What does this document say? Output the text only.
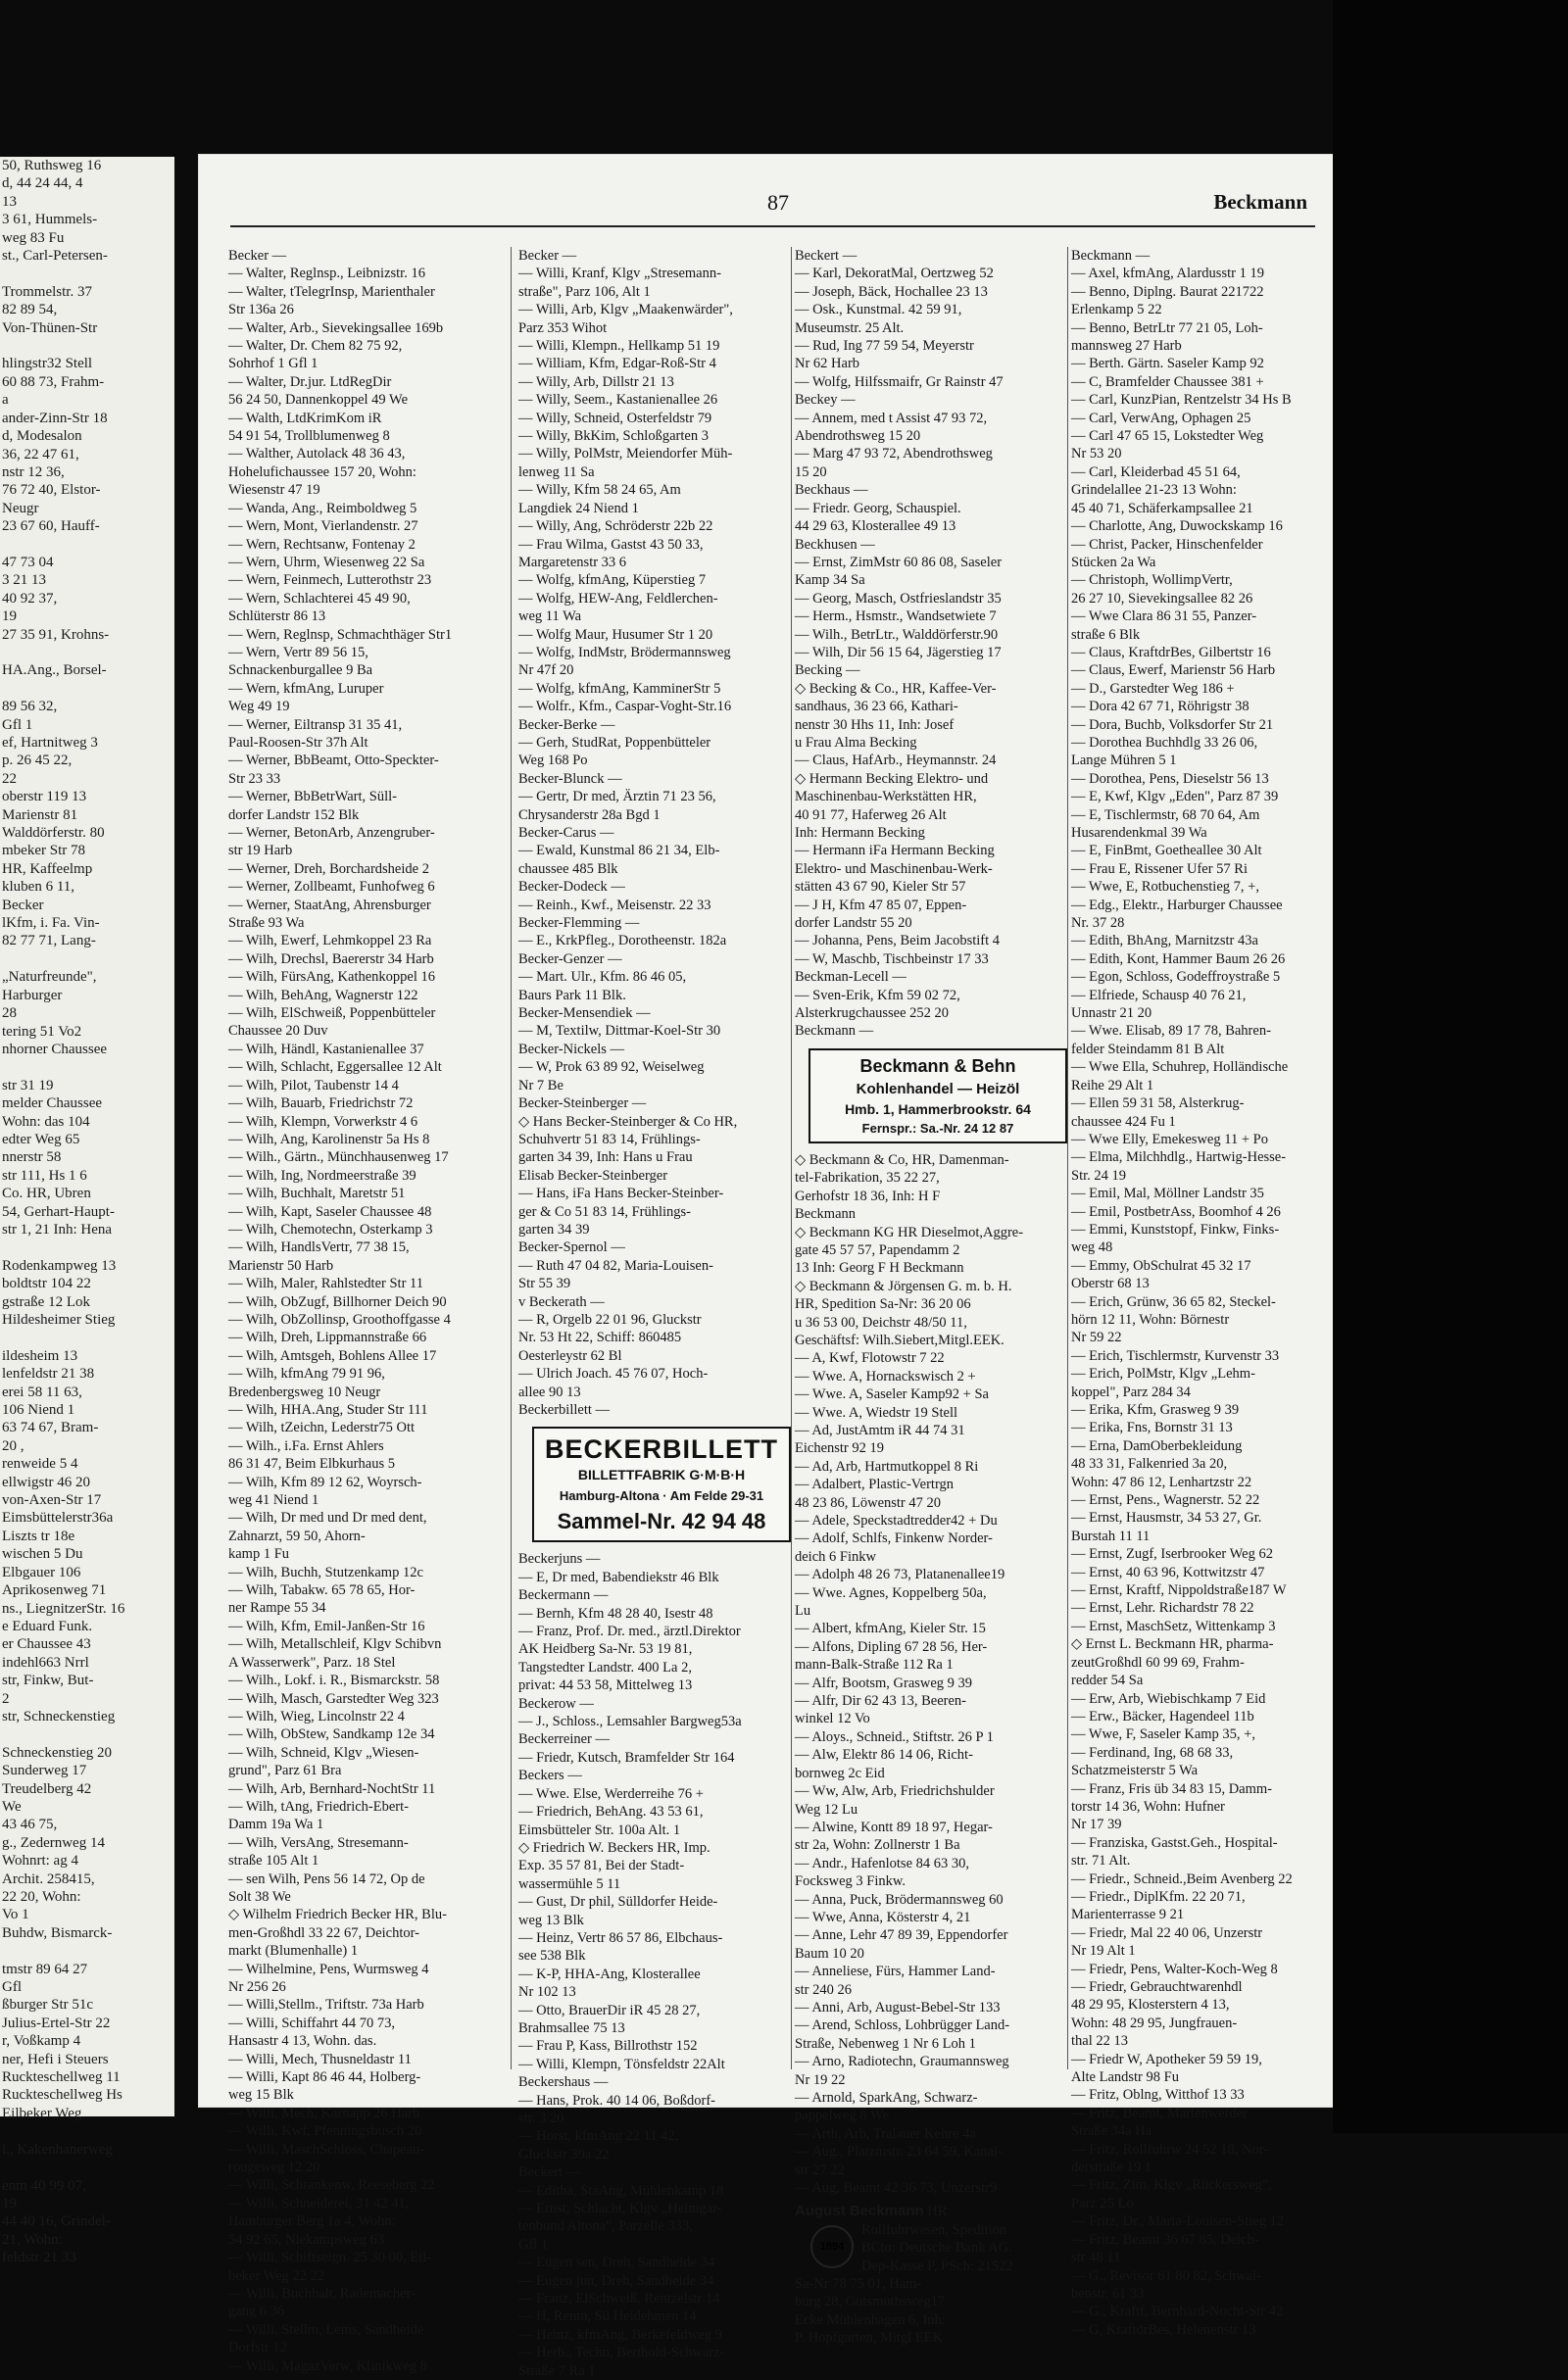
50, Ruthsweg 16
d, 44 24 44, 4
13
3 61, Hummels-
weg 83 Fu
st., Carl-Petersen-

Trommelstr. 37
82 89 54,
Von-Thünen-Str

hlingstr32 Stell
60 88 73, Frahm-
a
ander-Zinn-Str 18
d, Modesalon
36, 22 47 61,
nstr 12 36,
76 72 40, Elstor-
Neugr
23 67 60, Hauff-

47 73 04
3 21 13
40 92 37,
19
27 35 91, Krohns-

HA.Ang., Borsel-

89 56 32,
Gfl 1
ef, Hartnitweg 3
p. 26 45 22,
22
oberstr 119 13
Marienstr 81
Walddörferstr. 80
mbeker Str 78
HR, Kaffeelmp
kluben 6 11,
Becker
lKfm, i. Fa. Vin-
82 77 71, Lang-

„Naturfreunde",
Harburger
28
tering 51 Vo2
nhorner Chaussee

str 31 19
melder Chaussee
Wohn: das 104
edter Weg 65
nnerstr 58
str 111, Hs 1 6
Co. HR, Ubren
54, Gerhart-Haupt-
str 1, 21 Inh: Hena

Rodenkampweg 13
boldtstr 104 22
gstraße 12 Lok
Hildesheimer Stieg

ildesheim 13
lenfeldstr 21 38
erei 58 11 63,
106 Niend 1
63 74 67, Bram-
20 ,
renweide 5 4
ellwigstr 46 20
von-Axen-Str 17
Eimsbüttelerstr36a
Liszts tr 18e
wischen 5 Du
Elbgauer 106
Aprikosenweg 71
ns., LiegnitzerStr. 16
e Eduard Funk.
er Chaussee 43
indehl663 Nrrl
str, Finkw, But-
2
str, Schneckenstieg

Schneckenstieg 20
Sunderweg 17
Treudelberg 42
We
43 46 75,
g., Zedernweg 14
Wohnrt: ag 4
Archit. 258415,
22 20, Wohn:
Vo 1
Buhdw, Bismarck-

tmstr 89 64 27
Gfl
ßburger Str 51c
Julius-Ertel-Str 22
r, Voßkamp 4
ner, Hefi i Steuers
Ruckteschellweg 11
Ruckteschellweg Hs
Eilbeker Weg

l., Kakenhanerweg

enm 40 99 07,
19
44 40 16, Grindel-
21, Wohn:
feldstr 21 33
87	Beckmann
Becker —
— Walter, Reglnsp., Leibnizstr. 16
— Walter, tTelegrInsp, Marienthaler
Str 136a 26
— Walter, Arb., Sievekingsallee 169b
— Walter, Dr. Chem 82 75 92,
Sohrhof 1 Gfl 1
— Walter, Dr.jur. LtdRegDir
56 24 50, Dannenkoppel 49 We
— Walth, LtdKrimKom iR
54 91 54, Trollblumenweg 8
— Walther, Autolack 48 36 43,
Hohelufichaussee 157 20, Wohn:
Wiesenstr 47 19
— Wanda, Ang., Reimboldweg 5
— Wern, Mont, Vierlandenstr. 27
— Wern, Rechtsanw, Fontenay 2
— Wern, Uhrm, Wiesenweg 22 Sa
— Wern, Feinmech, Lutterothstr 23
— Wern, Schlachterei 45 49 90,
Schlüterstr 86 13
— Wern, Reglnsp, Schmachthäger Str1
— Wern, Vertr 89 56 15,
Schnackenburgallee 9 Ba
— Wern, kfmAng, Luruper
Weg 49 19
— Werner, Eiltransp 31 35 41,
Paul-Roosen-Str 37h Alt
— Werner, BbBeamt, Otto-Speckter-
Str 23 33
— Werner, BbBetrWart, Süll-
dorfer Landstr 152 Blk
— Werner, BetonArb, Anzengruber-
str 19 Harb
— Werner, Dreh, Borchardsheide 2
— Werner, Zollbeamt, Funhofweg 6
— Werner, StaatAng, Ahrensburger
Straße 93 Wa
— Wilh, Ewerf, Lehmkoppel 23 Ra
— Wilh, Drechsl, Baererstr 34 Harb
— Wilh, FürsAng, Kathenkoppel 16
— Wilh, BehAng, Wagnerstr 122
— Wilh, ElSchweiß, Poppenbütteler
Chaussee 20 Duv
— Wilh, Händl, Kastanienallee 37
— Wilh, Schlacht, Eggersallee 12 Alt
— Wilh, Pilot, Taubenstr 14 4
— Wilh, Bauarb, Friedrichstr 72
— Wilh, Klempn, Vorwerkstr 4 6
— Wilh, Ang, Karolinenstr 5a Hs 8
— Wilh., Gärtn., Münchhausenweg 17
— Wilh, Ing, Nordmeerstraße 39
— Wilh, Buchhalt, Maretstr 51
— Wilh, Kapt, Saseler Chaussee 48
— Wilh, Chemotechn, Osterkamp 3
— Wilh, HandlsVertr, 77 38 15,
Marienstr 50 Harb
— Wilh, Maler, Rahlstedter Str 11
— Wilh, ObZugf, Billhorner Deich 90
— Wilh, ObZollinsp, Groothoffgasse 4
— Wilh, Dreh, Lippmannstraße 66
— Wilh, Amtsgeh, Bohlens Allee 17
— Wilh, kfmAng 79 91 96,
Bredenbergsweg 10 Neugr
— Wilh, HHA.Ang, Studer Str 111
— Wilh, tZeichn, Lederstr75 Ott
— Wilh., i.Fa. Ernst Ahlers
86 31 47, Beim Elbkurhaus 5
— Wilh, Kfm 89 12 62, Woyrsch-
weg 41 Niend 1
— Wilh, Dr med und Dr med dent,
Zahnarzt, 59 50, Ahorn-
kamp 1 Fu
— Wilh, Buchh, Stutzenkamp 12c
— Wilh, Tabakw. 65 78 65, Hor-
ner Rampe 55 34
— Wilh, Kfm, Emil-Janßen-Str 16
— Wilh, Metallschleif, Klgv Schibvn
A Wasserwerk", Parz. 18 Stel
— Wilh., Lokf. i. R., Bismarckstr. 58
— Wilh, Masch, Garstedter Weg 323
— Wilh, Wieg, Lincolnstr 22 4
— Wilh, ObStew, Sandkamp 12e 34
— Wilh, Schneid, Klgv „Wiesen-
grund", Parz 61 Bra
— Wilh, Arb, Bernhard-NochtStr 11
— Wilh, tAng, Friedrich-Ebert-
Damm 19a Wa 1
— Wilh, VersAng, Stresemann-
straße 105 Alt 1
— sen Wilh, Pens 56 14 72, Op de
Solt 38 We
◇ Wilhelm Friedrich Becker HR, Blu-
men-Großhdl 33 22 67, Deichtor-
markt (Blumenhalle) 1
— Wilhelmine, Pens, Wurmsweg 4
Nr 256 26
— Willi,Stellm., Triftstr. 73a Harb
— Willi, Schiffahrt 44 70 73,
Hansastr 4 13, Wohn. das.
— Willi, Mech, Thusneldastr 11
— Willi, Kapt 86 46 44, Holberg-
weg 15 Blk
— Willi, Mech, Karnapp 26 Harb
— Willi, Kwf, Pfenningsbusch 20
— Willi, MaschSchloss, Chapeau-
rougeweg 12 20
— Willi, Schrankenw, Reeseberg 22
— Willi, Schneiderei, 31 42 41,
Hamburger Berg 1a 4, Wohn:
54 92 65, Niekampsweg 63
— Willi, Schiffseign. 25 30 00, Eil-
beker Weg 22 22
— Willi, Buchhalt, Rademacher-
gang 6 36
— Willi, Stellm, Lems, Sandheide
Dorfstr 12
— Willi, MagazVerw, Klinikweg 8
Becker —
— Willi, Kranf, Klgv „Stresemann-
straße", Parz 106, Alt 1
— Willi, Arb, Klgv „Maakenwärder",
Parz 353 Wihot
— Willi, Klempn., Hellkamp 51 19
— William, Kfm, Edgar-Roß-Str 4
— Willy, Arb, Dillstr 21 13
— Willy, Seem., Kastanienallee 26
— Willy, Schneid, Osterfeldstr 79
— Willy, BkKim, Schloßgarten 3
— Willy, PolMstr, Meiendorfer Müh-
lenweg 11 Sa
— Willy, Kfm 58 24 65, Am
Langdiek 24 Niend 1
— Willy, Ang, Schröderstr 22b 22
— Frau Wilma, Gastst 43 50 33,
Margaretenstr 33 6
— Wolfg, kfmAng, Küperstieg 7
— Wolfg, HEW-Ang, Feldlerchen-
weg 11 Wa
— Wolfg Maur, Husumer Str 1 20
— Wolfg, IndMstr, Brödermannsweg
Nr 47f 20
— Wolfg, kfmAng, KamminerStr 5
— Wolfr., Kfm., Caspar-Voght-Str.16
Becker-Berke —
— Gerh, StudRat, Poppenbütteler
Weg 168 Po
Becker-Blunck —
— Gertr, Dr med, Ärztin 71 23 56,
Chrysanderstr 28a Bgd 1
Becker-Carus —
— Ewald, Kunstmal 86 21 34, Elb-
chaussee 485 Blk
Becker-Dodeck —
— Reinh., Kwf., Meisenstr. 22 33
Becker-Flemming —
— E., KrkPfleg., Dorotheenstr. 182a
Becker-Genzer —
— Mart. Ulr., Kfm. 86 46 05,
Baurs Park 11 Blk.
Becker-Mensendiek —
— M, Textilw, Dittmar-Koel-Str 30
Becker-Nickels —
— W, Prok 63 89 92, Weiselweg
Nr 7 Be
Becker-Steinberger —
◇ Hans Becker-Steinberger & Co HR,
Schuhvertr 51 83 14, Frühlings-
garten 34 39, Inh: Hans u Frau
Elisab Becker-Steinberger
— Hans, iFa Hans Becker-Steinber-
ger & Co 51 83 14, Frühlings-
garten 34 39
Becker-Spernol —
— Ruth 47 04 82, Maria-Louisen-
Str 55 39
v Beckerath —
— R, Orgelb 22 01 96, Gluckstr
Nr. 53 Ht 22, Schiff: 860485
Oesterleystr 62 Bl
— Ulrich Joach. 45 76 07, Hoch-
allee 90 13
Beckerbillett —
BECKERBILLETT
BILLETTFABRIK G·M·B·H
Hamburg-Altona · Am Felde 29-31
Sammel-Nr. 42 94 48
Beckerjuns —
— E, Dr med, Babendiekstr 46 Blk
Beckermann —
— Bernh, Kfm 48 28 40, Isestr 48
— Franz, Prof. Dr. med., ärztl.Direktor
AK Heidberg Sa-Nr. 53 19 81,
Tangstedter Landstr. 400 La 2,
privat: 44 53 58, Mittelweg 13
Beckerow —
— J., Schloss., Lemsahler Bargweg53a
Beckerreiner —
— Friedr, Kutsch, Bramfelder Str 164
Beckers —
— Wwe. Else, Werderreihe 76 +
— Friedrich, BehAng. 43 53 61,
Eimsbütteler Str. 100a Alt. 1
◇ Friedrich W. Beckers HR, Imp.
Exp. 35 57 81, Bei der Stadt-
wassermühle 5 11
— Gust, Dr phil, Sülldorfer Heide-
weg 13 Blk
— Heinz, Vertr 86 57 86, Elbchaus-
see 538 Blk
— K-P, HHA-Ang, Klosterallee
Nr 102 13
— Otto, BrauerDir iR 45 28 27,
Brahmsallee 75 13
— Frau P, Kass, Billrothstr 152
— Willi, Klempn, Tönsfeldstr 22Alt
Beckershaus —
— Hans, Prok. 40 14 06, Boßdorf-
str. 3 20
— Horst, kfmAng 22 11 42,
Gluckstr 39a 22
Beckert —
— Editha, StaAng, Mühlenkamp 18
— Ernst, Schlacht, Klgv „Heimgar-
tenbund Altona", Parzelle 333,
Gfl 1
— Eugen sen, Dreh, Sandheide 34
— Eugen jun, Dreh, Sandheide 34
— Franz, ElSchweiß, Rentzelstr 14
— H, Rentn, Sü Heidehmen 14
— Heinz, kfmAng, Berkefeldweg 9
— Herb., Techn, Berthold-Schwarz-
Straße 7 Ra 1
Beckert —
— Karl, DekoratMal, Oertzweg 52
— Joseph, Bäck, Hochallee 23 13
— Osk., Kunstmal. 42 59 91,
Museumstr. 25 Alt.
— Rud, Ing 77 59 54, Meyerstr
Nr 62 Harb
— Wolfg, Hilfssmaifr, Gr Rainstr 47
Beckey —
— Annem, med t Assist 47 93 72,
Abendrothsweg 15 20
— Marg 47 93 72, Abendrothsweg
15 20
Beckhaus —
— Friedr. Georg, Schauspiel.
44 29 63, Klosterallee 49 13
Beckhusen —
— Ernst, ZimMstr 60 86 08, Saseler
Kamp 34 Sa
— Georg, Masch, Ostfrieslandstr 35
— Herm., Hsmstr., Wandsetwiete 7
— Wilh., BetrLtr., Walddörferstr.90
— Wilh, Dir 56 15 64, Jägerstieg 17
Becking —
◇ Becking & Co., HR, Kaffee-Ver-
sandhaus, 36 23 66, Kathari-
nenstr 30 Hhs 11, Inh: Josef
u Frau Alma Becking
— Claus, HafArb., Heymannstr. 24
◇ Hermann Becking Elektro- und
Maschinenbau-Werkstätten HR,
40 91 77, Haferweg 26 Alt
Inh: Hermann Becking
— Hermann iFa Hermann Becking
Elektro- und Maschinenbau-Werk-
stätten 43 67 90, Kieler Str 57
— J H, Kfm 47 85 07, Eppen-
dorfer Landstr 55 20
— Johanna, Pens, Beim Jacobstift 4
— W, Maschb, Tischbeinstr 17 33
Beckman-Lecell —
— Sven-Erik, Kfm 59 02 72,
Alsterkrugchaussee 252 20
Beckmann —
Beckmann & Behn
Kohlenhandel — Heizöl
Hmb. 1, Hammerbrookstr. 64
Fernspr.: Sa.-Nr. 24 12 87
◇ Beckmann & Co, HR, Damenman-
tel-Fabrikation, 35 22 27,
Gerhofstr 18 36, Inh: H F
Beckmann
◇ Beckmann KG HR Dieselmot,Aggre-
gate 45 57 57, Papendamm 2
13 Inh: Georg F H Beckmann
◇ Beckmann & Jörgensen G. m. b. H.
HR, Spedition Sa-Nr: 36 20 06
u 36 53 00, Deichstr 48/50 11,
Geschäftsf: Wilh.Siebert,Mitgl.EEK.
— A, Kwf, Flotowstr 7 22
— Wwe. A, Hornackswisch 2 +
— Wwe. A, Saseler Kamp92 + Sa
— Wwe. A, Wiedstr 19 Stell
— Ad, JustAmtm iR 44 74 31
Eichenstr 92 19
— Ad, Arb, Hartmutkoppel 8 Ri
— Adalbert, Plastic-Vertrgn
48 23 86, Löwenstr 47 20
— Adele, Speckstadtredder42 + Du
— Adolf, Schlfs, Finkenw Norder-
deich 6 Finkw
— Adolph 48 26 73, Platanenallee19
— Wwe. Agnes, Koppelberg 50a,
Lu
— Albert, kfmAng, Kieler Str. 15
— Alfons, Dipling 67 28 56, Her-
mann-Balk-Straße 112 Ra 1
— Alfr, Bootsm, Grasweg 9 39
— Alfr, Dir 62 43 13, Beeren-
winkel 12 Vo
— Aloys., Schneid., Stiftstr. 26 P 1
— Alw, Elektr 86 14 06, Richt-
bornweg 2c Eid
— Ww, Alw, Arb, Friedrichshulder
Weg 12 Lu
— Alwine, Kontt 89 18 97, Hegar-
str 2a, Wohn: Zollnerstr 1 Ba
— Andr., Hafenlotse 84 63 30,
Focksweg 3 Finkw.
— Anna, Puck, Brödermannsweg 60
— Wwe, Anna, Kösterstr 4, 21
— Anne, Lehr 47 89 39, Eppendorfer
Baum 10 20
— Anneliese, Fürs, Hammer Land-
str 240 26
— Anni, Arb, August-Bebel-Str 133
— Arend, Schloss, Lohbrügger Land-
Straße, Nebenweg 1 Nr 6 Loh 1
— Arno, Radiotechn, Graumannsweg
Nr 19 22
— Arnold, SparkAng, Schwarz-
pappelweg 8 We
— Arth, Arb, Tralauer Kehre 4a
— Aug., Platzmstr. 23 64 59, Kanal-
str 27 22
— Aug, Beamt 42 36 73, Unzerstr9
August Beckmann HR
1894
Rollfuhrwesen, Spedition
BCto: Deutsche Bank AG.
Dep-Kasse P, PSch: 21522
Sa-Nr 78 75 01, Ham-
burg 28, Gutsmuthsweg17
Ecke Mühlenhagen 6, Inh:
P. Hopfgarten, Mitgl EEK
Beckmann —
— Axel, kfmAng, Alardusstr 1 19
— Benno, Diplng. Baurat 221722
Erlenkamp 5 22
— Benno, BetrLtr 77 21 05, Loh-
mannsweg 27 Harb
— Berth. Gärtn. Saseler Kamp 92
— C, Bramfelder Chaussee 381 +
— Carl, KunzPian, Rentzelstr 34 Hs B
— Carl, VerwAng, Ophagen 25
— Carl 47 65 15, Lokstedter Weg
Nr 53 20
— Carl, Kleiderbad 45 51 64,
Grindelallee 21-23 13 Wohn:
45 40 71, Schäferkampsallee 21
— Charlotte, Ang, Duwockskamp 16
— Christ, Packer, Hinschenfelder
Stücken 2a Wa
— Christoph, WollimpVertr,
26 27 10, Sievekingsallee 82 26
— Wwe Clara 86 31 55, Panzer-
straße 6 Blk
— Claus, KraftdrBes, Gilbertstr 16
— Claus, Ewerf, Marienstr 56 Harb
— D., Garstedter Weg 186 +
— Dora 42 67 71, Röhrigstr 38
— Dora, Buchb, Volksdorfer Str 21
— Dorothea Buchhdlg 33 26 06,
Lange Mühren 5 1
— Dorothea, Pens, Dieselstr 56 13
— E, Kwf, Klgv „Eden", Parz 87 39
— E, Tischlermstr, 68 70 64, Am
Husarendenkmal 39 Wa
— E, FinBmt, Goetheallee 30 Alt
— Frau E, Rissener Ufer 57 Ri
— Wwe, E, Rotbuchenstieg 7, +,
— Edg., Elektr., Harburger Chaussee
Nr. 37 28
— Edith, BhAng, Marnitzstr 43a
— Edith, Kont, Hammer Baum 26 26
— Egon, Schloss, Godeffroystraße 5
— Elfriede, Schausp 40 76 21,
Unnastr 21 20
— Wwe. Elisab, 89 17 78, Bahren-
felder Steindamm 81 B Alt
— Wwe Ella, Schuhrep, Holländische
Reihe 29 Alt 1
— Ellen 59 31 58, Alsterkrug-
chaussee 424 Fu 1
— Wwe Elly, Emekesweg 11 + Po
— Elma, Milchhdlg., Hartwig-Hesse-
Str. 24 19
— Emil, Mal, Möllner Landstr 35
— Emil, PostbetrAss, Boomhof 4 26
— Emmi, Kunststopf, Finkw, Finks-
weg 48
— Emmy, ObSchulrat 45 32 17
Oberstr 68 13
— Erich, Grünw, 36 65 82, Steckel-
hörn 12 11, Wohn: Börnestr
Nr 59 22
— Erich, Tischlermstr, Kurvenstr 33
— Erich, PolMstr, Klgv „Lehm-
koppel", Parz 284 34
— Erika, Kfm, Grasweg 9 39
— Erika, Fns, Bornstr 31 13
— Erna, DamOberbekleidung
48 33 31, Falkenried 3a 20,
Wohn: 47 86 12, Lenhartzstr 22
— Ernst, Pens., Wagnerstr. 52 22
— Ernst, Hausmstr, 34 53 27, Gr.
Burstah 11 11
— Ernst, Zugf, Iserbrooker Weg 62
— Ernst, 40 63 96, Kottwitzstr 47
— Ernst, Kraftf, Nippoldstraße187 W
— Ernst, Lehr. Richardstr 78 22
— Ernst, MaschSetz, Wittenkamp 3
◇ Ernst L. Beckmann HR, pharma-
zeutGroßhdl 60 99 69, Frahm-
redder 54 Sa
— Erw, Arb, Wiebischkamp 7 Eid
— Erw., Bäcker, Hagendeel 11b
— Wwe, F, Saseler Kamp 35, +,
— Ferdinand, Ing, 68 68 33,
Schatzmeisterstr 5 Wa
— Franz, Fris üb 34 83 15, Damm-
torstr 14 36, Wohn: Hufner
Nr 17 39
— Franziska, Gastst.Geh., Hospital-
str. 71 Alt.
— Friedr., Schneid.,Beim Avenberg 22
— Friedr., DiplKfm. 22 20 71,
Marienterrasse 9 21
— Friedr, Mal 22 40 06, Unzerstr
Nr 19 Alt 1
— Friedr, Pens, Walter-Koch-Weg 8
— Friedr, Gebrauchtwarenhdl
48 29 95, Klosterstern 4 13,
Wohn: 48 29 95, Jungfrauen-
thal 22 13
— Friedr W, Apotheker 59 59 19,
Alte Landstr 98 Fu
— Fritz, Oblng, Witthof 13 33
— Fritz, Beamt, Marienwerder
Straße 34a Ha
— Fritz, Rollfuhrw 24 52 18, Nor-
derstraße 19 1
— Fritz, Zim, Klgv „Rückersweg",
Parz 25 Lo
— Fritz, Dr., Maria-Louisen-Stieg 12
— Fritz, Beamt 36 67 85, Deich-
str 48 11
— G., Revisor 61 80 82, Schwal-
benstr. 61 33
— G., Kraftf, Bernhard-Nocht-Str 42
— G, KraftdrBes, Helenenstr 13
